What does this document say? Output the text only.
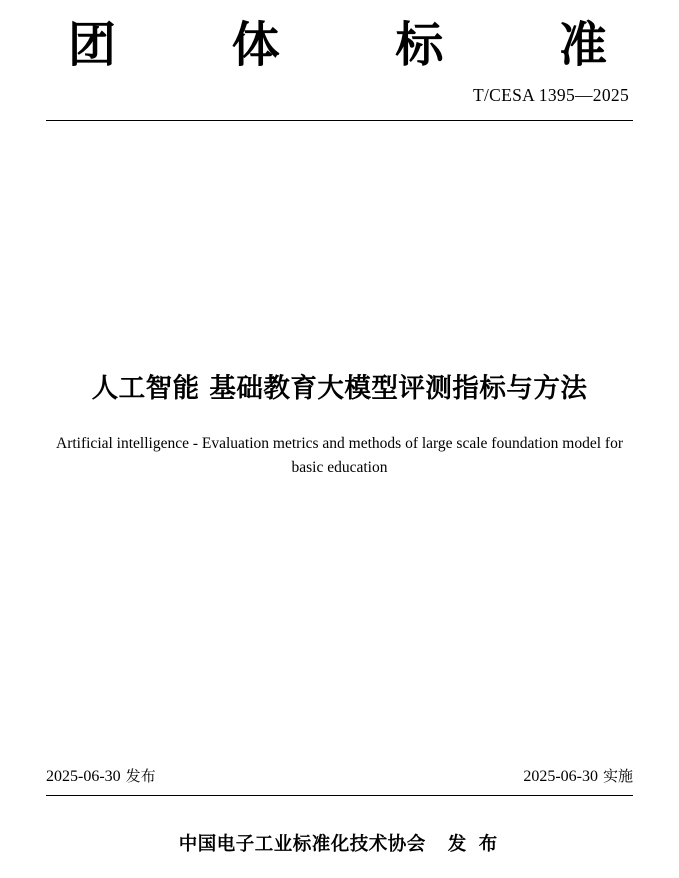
团 体 标 准
T/CESA 1395—2025
人工智能 基础教育大模型评测指标与方法
Artificial intelligence - Evaluation metrics and methods of large scale foundation model for basic education
2025-06-30 发布	2025-06-30 实施
中国电子工业标准化技术协会 发 布
